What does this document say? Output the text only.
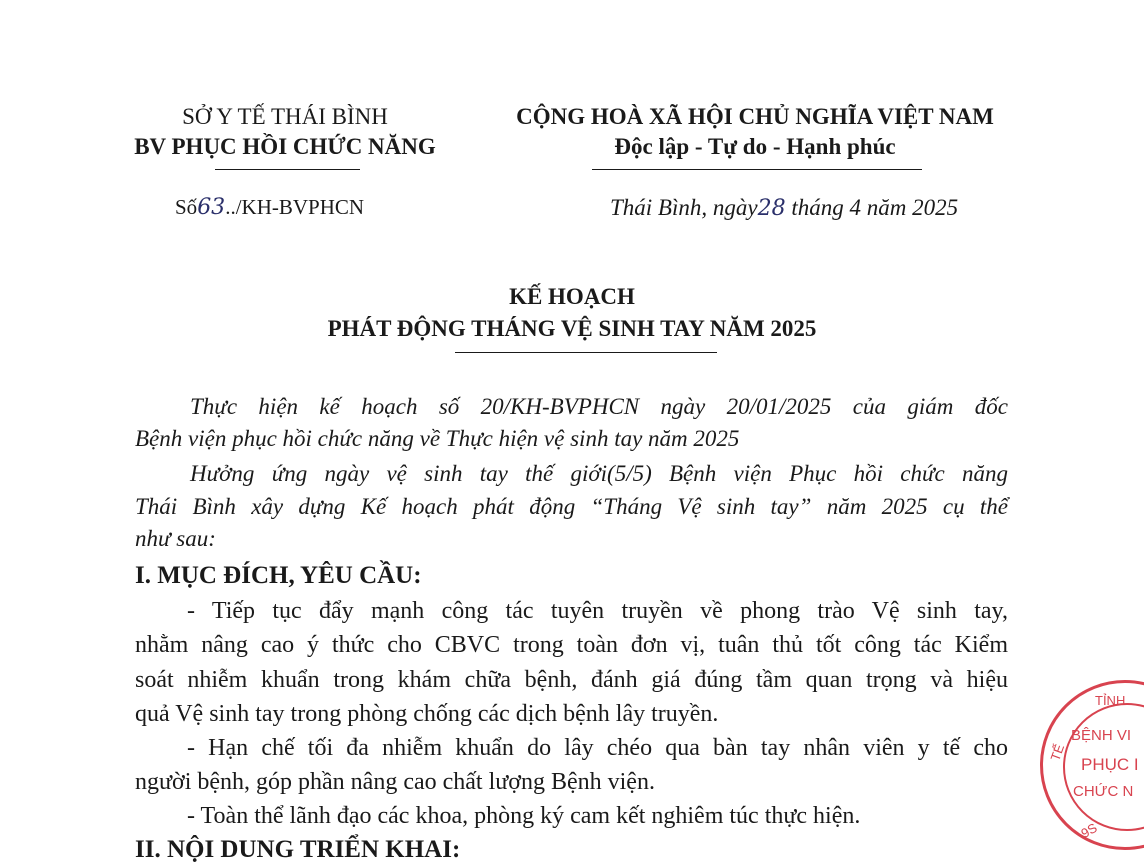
SỞ Y TẾ THÁI BÌNH
BV PHỤC HỒI CHỨC NĂNG
Số63../KH-BVPHCN
CỘNG HOÀ XÃ HỘI CHỦ NGHĨA VIỆT NAM
Độc lập - Tự do - Hạnh phúc
Thái Bình, ngày28 tháng 4 năm 2025
KẾ HOẠCH
PHÁT ĐỘNG THÁNG VỆ SINH TAY NĂM 2025
Thực hiện kế hoạch số 20/KH-BVPHCN ngày 20/01/2025 của giám đốc
Bệnh viện phục hồi chức năng về Thực hiện vệ sinh tay năm 2025
Hưởng ứng ngày vệ sinh tay thế giới(5/5) Bệnh viện Phục hồi chức năng
Thái Bình xây dựng Kế hoạch phát động “Tháng Vệ sinh tay” năm 2025 cụ thể
như sau:
I. MỤC ĐÍCH, YÊU CẦU:
- Tiếp tục đẩy mạnh công tác tuyên truyền về phong trào Vệ sinh tay,
nhằm nâng cao ý thức cho CBVC trong toàn đơn vị, tuân thủ tốt công tác Kiểm
soát nhiễm khuẩn trong khám chữa bệnh, đánh giá đúng tầm quan trọng và hiệu
quả Vệ sinh tay trong phòng chống các dịch bệnh lây truyền.
- Hạn chế tối đa nhiễm khuẩn do lây chéo qua bàn tay nhân viên y tế cho
người bệnh, góp phần nâng cao chất lượng Bệnh viện.
- Toàn thể lãnh đạo các khoa, phòng ký cam kết nghiêm túc thực hiện.
II. NỘI DUNG TRIỂN KHAI:
TỈNH
TẾ
BỆNH VI
PHỤC I
CHỨC N
9S
